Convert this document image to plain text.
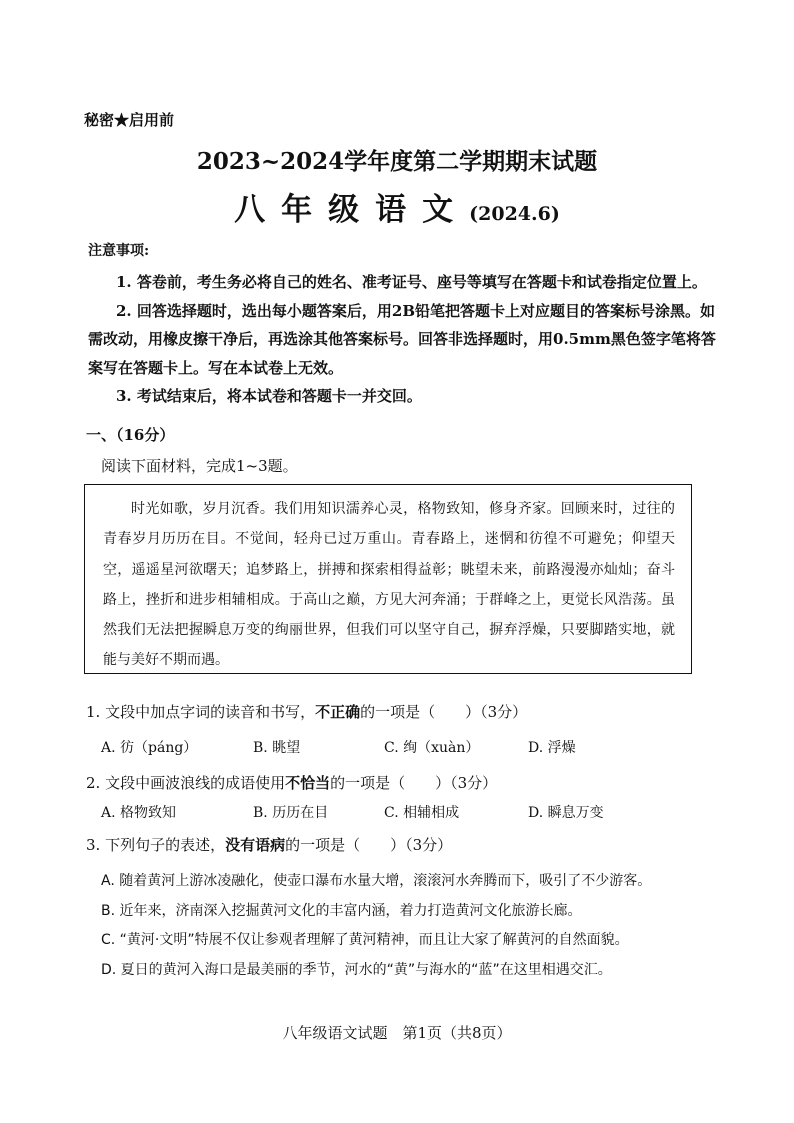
秘密★启用前
2023~2024学年度第二学期期末试题
八年级语文(2024.6)
注意事项:

1. 答卷前，考生务必将自己的姓名、准考证号、座号等填写在答题卡和试卷指定位置上。

2. 回答选择题时，选出每小题答案后，用2B铅笔把答题卡上对应题目的答案标号涂黑。如需改动，用橡皮擦干净后，再选涂其他答案标号。回答非选择题时，用0.5mm黑色签字笔将答案写在答题卡上。写在本试卷上无效。

3. 考试结束后，将本试卷和答题卡一并交回。

一、（16分）
阅读下面材料，完成1~3题。

时光如歌，岁月沉香。我们用知识濡养心灵，格物致知，修身齐家。回顾来时，过往的青春岁月历历在目。不觉间，轻舟已过万重山。青春路上，迷惘和彷徨不可避免；仰望天空，遥遥星河欲曙天；追梦路上，拼搏和探索相得益彰；眺望未来，前路漫漫亦灿灿；奋斗路上，挫折和进步相辅相成。于高山之巅，方见大河奔涌；于群峰之上，更觉长风浩荡。虽然我们无法把握瞬息万变的绚丽世界，但我们可以坚守自己，摒弃浮燥，只要脚踏实地，就能与美好不期而遇。

1. 文段中加点字词的读音和书写，不正确的一项是（　　）（3分）
A. 彷（páng）	B. 眺望	C. 绚（xuàn）	D. 浮燥
2. 文段中画波浪线的成语使用不恰当的一项是（　　）（3分）
A. 格物致知	B. 历历在目	C. 相辅相成	D. 瞬息万变
3. 下列句子的表述，没有语病的一项是（　　）（3分）
A. 随着黄河上游冰凌融化，使壶口瀑布水量大增，滚滚河水奔腾而下，吸引了不少游客。
B. 近年来，济南深入挖掘黄河文化的丰富内涵，着力打造黄河文化旅游长廊。
C. “黄河·文明”特展不仅让参观者理解了黄河精神，而且让大家了解黄河的自然面貌。
D. 夏日的黄河入海口是最美丽的季节，河水的“黄”与海水的“蓝”在这里相遇交汇。
八年级语文试题　第1页（共8页）
